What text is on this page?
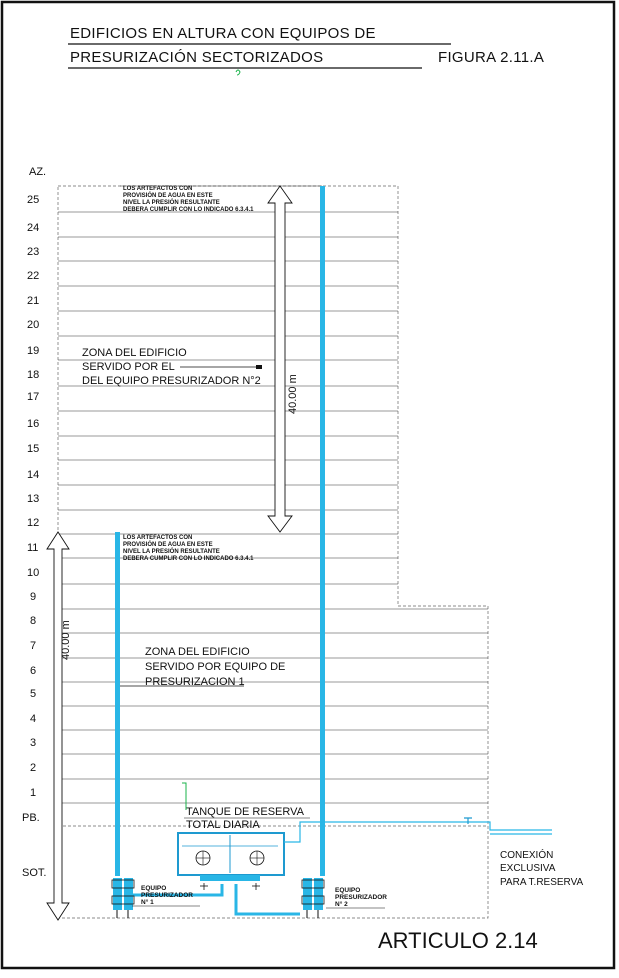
EDIFICIOS EN ALTURA CON EQUIPOS DE
PRESURIZACIÓN SECTORIZADOS	FIGURA 2.11.A
AZ.
25
24
23
22
21
20
19
18
17
16
15
14
13
12
11
10
9
8
7
6
5
4
3
2
1
PB.
SOT.
LOS ARTEFACTOS CON
PROVISIÓN DE AGUA EN ESTE
NIVEL LA PRESIÓN RESULTANTE
DEBERA CUMPLIR CON LO INDICADO 6.3.4.1
ZONA DEL EDIFICIO
SERVIDO POR EL
DEL EQUIPO PRESURIZADOR N°2 40.00 m
LOS ARTEFACTOS CON
PROVISIÓN DE AGUA EN ESTE
NIVEL LA PRESIÓN RESULTANTE
DEBERA CUMPLIR CON LO INDICADO 6.3.4.1
ZONA DEL EDIFICIO
SERVIDO POR EQUIPO DE
PRESURIZACION 1
40.00 m
TANQUE DE RESERVA
TOTAL DIARIA
EQUIPO
PRESURIZADOR
N° 1
EQUIPO
PRESURIZADOR
N° 2
CONEXIÓN
EXCLUSIVA
PARA T.RESERVA
ARTICULO 2.14
